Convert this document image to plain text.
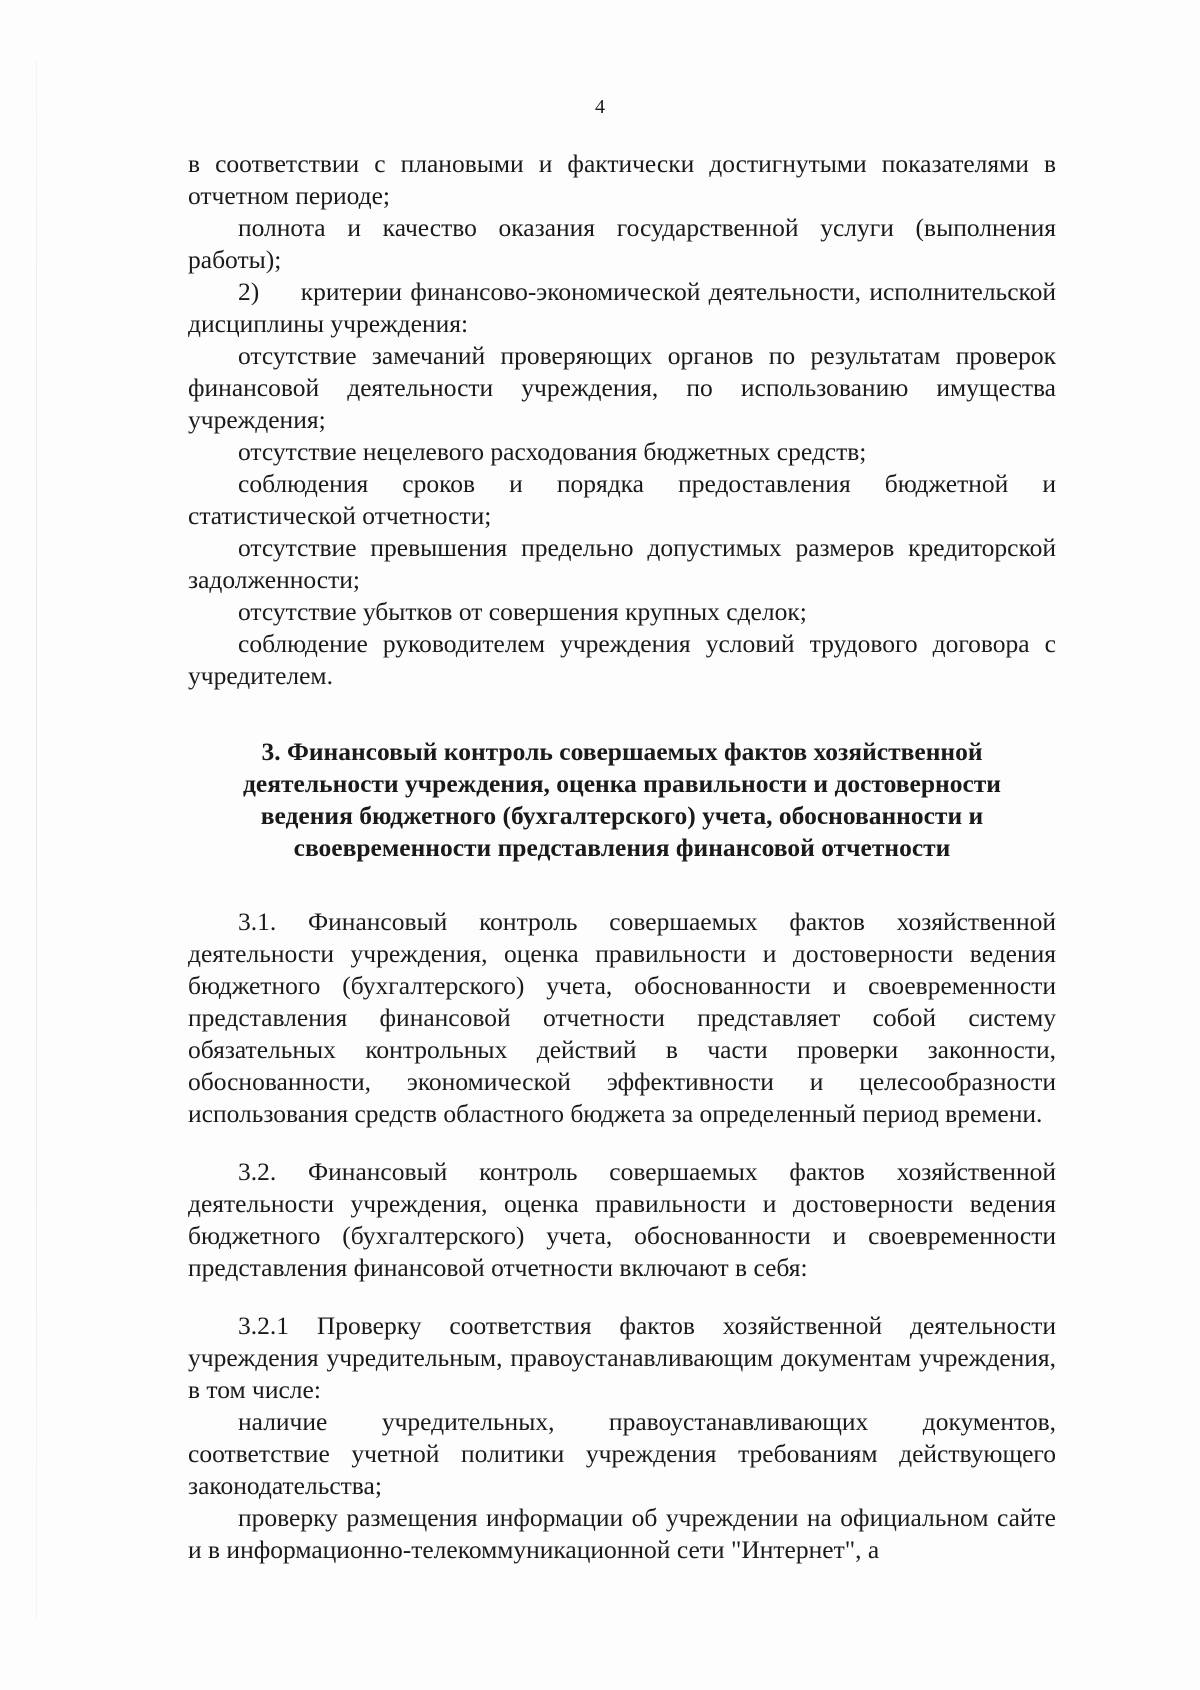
4

в соответствии с плановыми и фактически достигнутыми показателями в отчетном периоде;

полнота и качество оказания государственной услуги (выполнения работы);

2)     критерии финансово-экономической деятельности, исполнительской дисциплины учреждения:

отсутствие замечаний проверяющих органов по результатам проверок финансовой деятельности учреждения, по использованию имущества учреждения;

отсутствие нецелевого расходования бюджетных средств;

соблюдения сроков и порядка предоставления бюджетной и статистической отчетности;

отсутствие превышения предельно допустимых размеров кредиторской задолженности;

отсутствие убытков от совершения крупных сделок;

соблюдение руководителем учреждения условий трудового договора с учредителем.

3. Финансовый контроль совершаемых фактов хозяйственной деятельности учреждения, оценка правильности и достоверности ведения бюджетного (бухгалтерского) учета, обоснованности и своевременности представления финансовой отчетности

3.1. Финансовый контроль совершаемых фактов хозяйственной деятельности учреждения, оценка правильности и достоверности ведения бюджетного (бухгалтерского) учета, обоснованности и своевременности представления финансовой отчетности представляет собой систему обязательных контрольных действий в части проверки законности, обоснованности, экономической эффективности и целесообразности использования средств областного бюджета за определенный период времени.

3.2. Финансовый контроль совершаемых фактов хозяйственной деятельности учреждения, оценка правильности и достоверности ведения бюджетного (бухгалтерского) учета, обоснованности и своевременности представления финансовой отчетности включают в себя:

3.2.1 Проверку соответствия фактов хозяйственной деятельности учреждения учредительным, правоустанавливающим документам учреждения, в том числе:

наличие учредительных, правоустанавливающих документов, соответствие учетной политики учреждения требованиям действующего законодательства;

проверку размещения информации об учреждении на официальном сайте и в информационно-телекоммуникационной сети "Интернет", а
